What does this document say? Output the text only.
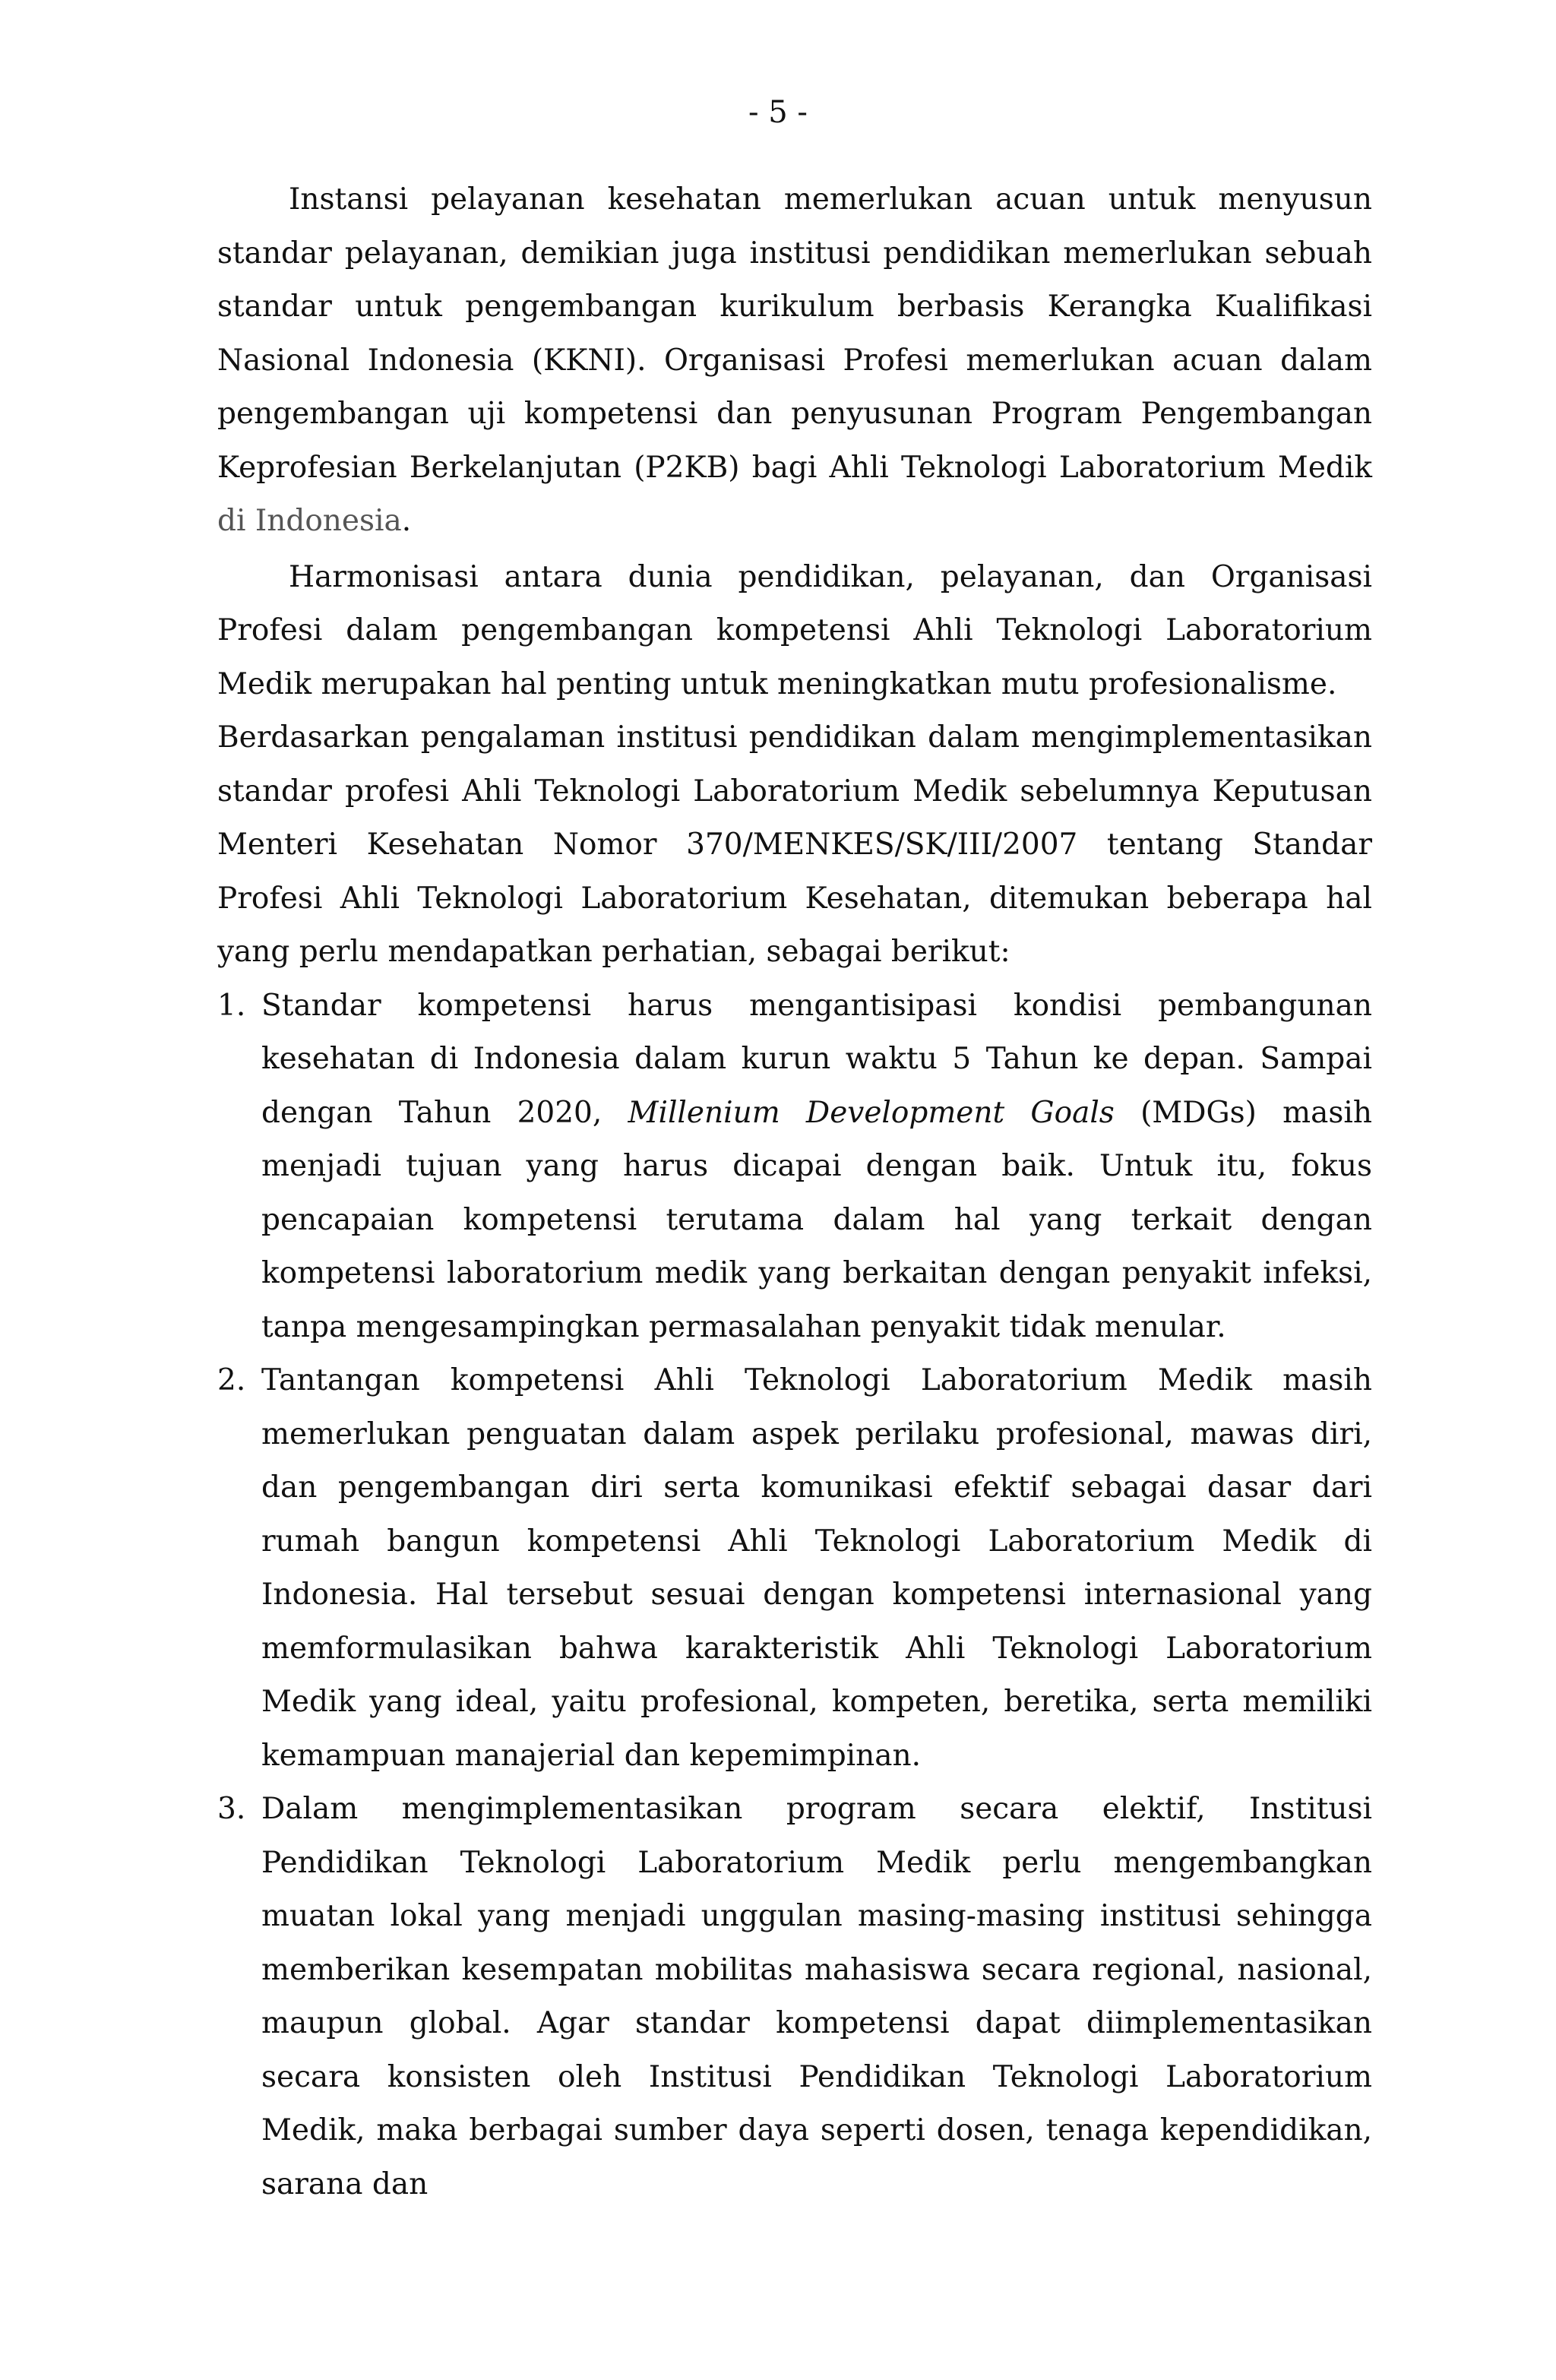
- 5 -

Instansi pelayanan kesehatan memerlukan acuan untuk menyusun standar pelayanan, demikian juga institusi pendidikan memerlukan sebuah standar untuk pengembangan kurikulum berbasis Kerangka Kualifikasi Nasional Indonesia (KKNI). Organisasi Profesi memerlukan acuan dalam pengembangan uji kompetensi dan penyusunan Program Pengembangan Keprofesian Berkelanjutan (P2KB) bagi Ahli Teknologi Laboratorium Medik di Indonesia.

Harmonisasi antara dunia pendidikan, pelayanan, dan Organisasi Profesi dalam pengembangan kompetensi Ahli Teknologi Laboratorium Medik merupakan hal penting untuk meningkatkan mutu profesionalisme.

Berdasarkan pengalaman institusi pendidikan dalam mengimplementasikan standar profesi Ahli Teknologi Laboratorium Medik sebelumnya Keputusan Menteri Kesehatan Nomor 370/MENKES/SK/III/2007 tentang Standar Profesi Ahli Teknologi Laboratorium Kesehatan, ditemukan beberapa hal yang perlu mendapatkan perhatian, sebagai berikut:

1. Standar kompetensi harus mengantisipasi kondisi pembangunan kesehatan di Indonesia dalam kurun waktu 5 Tahun ke depan. Sampai dengan Tahun 2020, Millenium Development Goals (MDGs) masih menjadi tujuan yang harus dicapai dengan baik. Untuk itu, fokus pencapaian kompetensi terutama dalam hal yang terkait dengan kompetensi laboratorium medik yang berkaitan dengan penyakit infeksi, tanpa mengesampingkan permasalahan penyakit tidak menular.
2. Tantangan kompetensi Ahli Teknologi Laboratorium Medik masih memerlukan penguatan dalam aspek perilaku profesional, mawas diri, dan pengembangan diri serta komunikasi efektif sebagai dasar dari rumah bangun kompetensi Ahli Teknologi Laboratorium Medik di Indonesia. Hal tersebut sesuai dengan kompetensi internasional yang memformulasikan bahwa karakteristik Ahli Teknologi Laboratorium Medik yang ideal, yaitu profesional, kompeten, beretika, serta memiliki kemampuan manajerial dan kepemimpinan.
3. Dalam mengimplementasikan program secara elektif, Institusi Pendidikan Teknologi Laboratorium Medik perlu mengembangkan muatan lokal yang menjadi unggulan masing-masing institusi sehingga memberikan kesempatan mobilitas mahasiswa secara regional, nasional, maupun global. Agar standar kompetensi dapat diimplementasikan secara konsisten oleh Institusi Pendidikan Teknologi Laboratorium Medik, maka berbagai sumber daya seperti dosen, tenaga kependidikan, sarana dan
